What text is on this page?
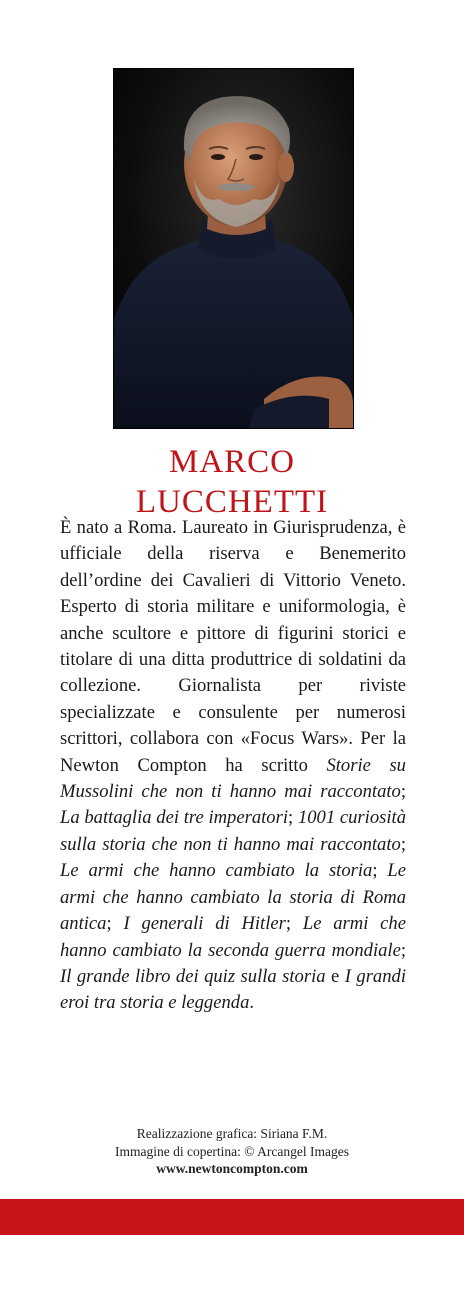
MARCO
LUCCHETTI

È nato a Roma. Laureato in Giurisprudenza, è ufficiale della riserva e Benemerito dell’ordine dei Cavalieri di Vittorio Veneto. Esperto di storia militare e uniformologia, è anche scultore e pittore di figurini storici e titolare di una ditta produttrice di soldatini da collezione. Giornalista per riviste specializzate e consulente per numerosi scrittori, collabora con «Focus Wars». Per la Newton Compton ha scritto Storie su Mussolini che non ti hanno mai raccontato; La battaglia dei tre imperatori; 1001 curiosità sulla storia che non ti hanno mai raccontato; Le armi che hanno cambiato la storia; Le armi che hanno cambiato la storia di Roma antica; I generali di Hitler; Le armi che hanno cambiato la seconda guerra mondiale; Il grande libro dei quiz sulla storia e I grandi eroi tra storia e leggenda.

Realizzazione grafica: Siriana F.M.
Immagine di copertina: © Arcangel Images
www.newtoncompton.com
